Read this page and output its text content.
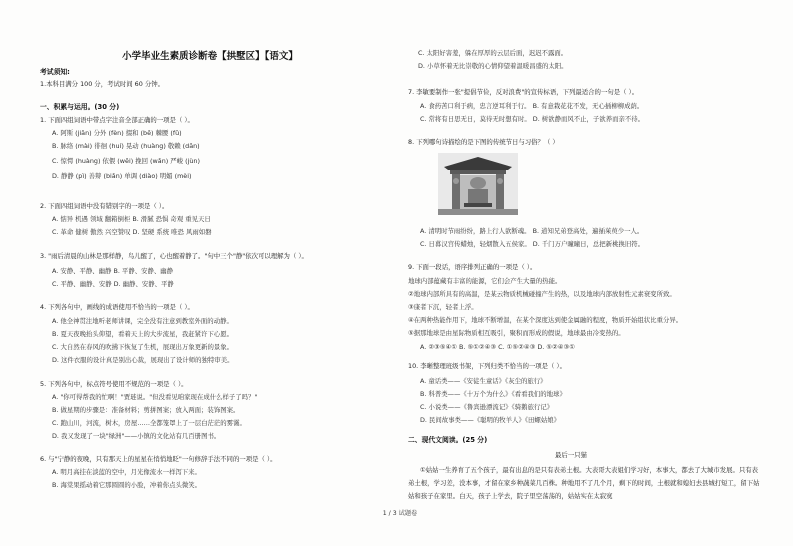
小学毕业生素质诊断卷【拱墅区】【语文】
考试须知:
1.本科目满分 100 分，考试时间 60 分钟。
一、积累与运用。(30 分)
1. 下面四组词语中带点字注音全部正确的一项是（ ）。
A. 阿斯 (jiān) 分外 (fèn) 掇和 (bē) 棘腰 (fǔ)
B. 脉络 (mài) 徘徊 (huí) 晃动 (huàng) 敬赖 (dān)
C. 惊愕 (huàng) 依偎 (wēi) 挽回 (wǎn) 严峻 (jùn)
D. 静静 (pì) 善辩 (biǎn) 单调 (diào) 明媚 (mèi)
2. 下面四组词语中没有错别字的一项是（ ）。
A. 惦异 机遇 领域 翻箱倒柜 B. 滑腻 恐惧 奇观 重见天日
C. 革命 健树 傲然 兴空赞叹 D. 坚硬 系统 唯恐 风雨如磐
3. "雨后清晨的山林是那样静，鸟儿醒了，心也醒着静了。"句中三个"静"依次可以理解为（ ）。
A. 安静、平静、幽静 B. 平静、安静、幽静
C. 平静、幽静、安静 D. 幽静、安静、平静
4. 下列各句中，画线的成语使用不恰当的一项是（ ）。
A. 他全神贯注地听老师讲课，完全没有注意到教室外面的动静。
B. 夏天夜晚抬头仰望，看着天上的大步流星，我赶紧许下心愿。
C. 大自然在春风的吹拂下恢复了生机，展现出万象更新的景象。
D. 这件衣服的设计真是别出心裁，展现出了设计师的独特审美。
5. 下列各句中，标点符号使用不规范的一项是（ ）。
A. "你可得帮我的忙啊！"贾琏说。"但没看见咱家现在成什么样子了吗？"
B. 做星期的步骤是：准备材料；剪拼图案；放入两面；装饰图案。
C. 跑山川，河流，树木，房屋……全都笼罩上了一层白茫茫的雾霭。
D. 我又发现了一块"绿洲"——小镇的文化站有几百册图书。
6. 与"宁静的夜晚，只有那天上的星星在悄悄地眨"一句修辞手法不同的一项是（ ）。
A. 明月高挂在淡蓝的空中，月光像流水一样泻下来。
B. 海棠果摇动着它那圆圆的小脸，冲着你点头微笑。
C. 太阳好害羞，躲在厚厚的云层后面，迟迟不露面。
D. 小草怀着无比崇敬的心情仰望着温暖昌盛的太阳。
7. 李敏要制作一张"提倡节俭，反对浪费"的宣传标语，下列最适合的一句是（ ）。
A. 食药苦口利于病，忠言逆耳利于行。 B. 有意栽花花不发，无心插柳柳成荫。
C. 常将有日思无日，莫待无时想有时。 D. 树欲静而风不止，子欲养而亲不待。
8. 下列哪句诗描绘的是下图的传统节日与习俗？（ ）
A. 清明时节雨纷纷，路上行人欲断魂。 B. 道知兄弟登高处，遍插茱萸少一人。
C. 日暮汉宫传蜡烛，轻烟散入五侯家。 D. 千门万户曈曈日，总把新桃换旧符。
9. 下面一段话，语序排列正确的一项是（ ）。
地球内部蕴藏有丰富的能源，它们会产生大量的热能。
②地球内部所具有的高温，是某云物质机械碰撞产生的热，以及地球内部放射性元素衰变所致。
③康者下沉，轻者上浮。
④在两种热能作用下，地球不断增温，在某个深度达到使金属融的程度，物质开始组状比重分异。
⑤据那地球是由星际物质相互吸引，聚积而形成的假说，地球最由冷变热的。
A. ②③⑤④① B. ⑤①②④③ C. ①⑤②④③ D. ⑤②④③①
10. 李晰整理班级书架，下列归类不恰当的一项是（ ）。
A. 童话类——《安徒生童话》《灰尘的旅行》
B. 科普类——《十万个为什么》《看看我们的地球》
C. 小说类——《鲁宾逊漂流记》《骑鹅旅行记》
D. 民间故事类——《聪明的牧羊人》《田螺姑娘》
二、现代文阅读。(25 分)
最后一只猫
①姑姑一生养育了五个孩子，最有出息的是只有表弟土根。大表哥大表姐们学习好，本事大，都去了大城市发展。只有表弟土根，学习差，没本事，才留在家乡种蔬菜几百株。种地用不了几个月，剩下的时间，土根就和媳妇去县城打短工，留下姑姑和孩子在家里。白天，孩子上学去，院子里空荡荡的，姑姑实在太寂寞
1 / 3 试题卷
